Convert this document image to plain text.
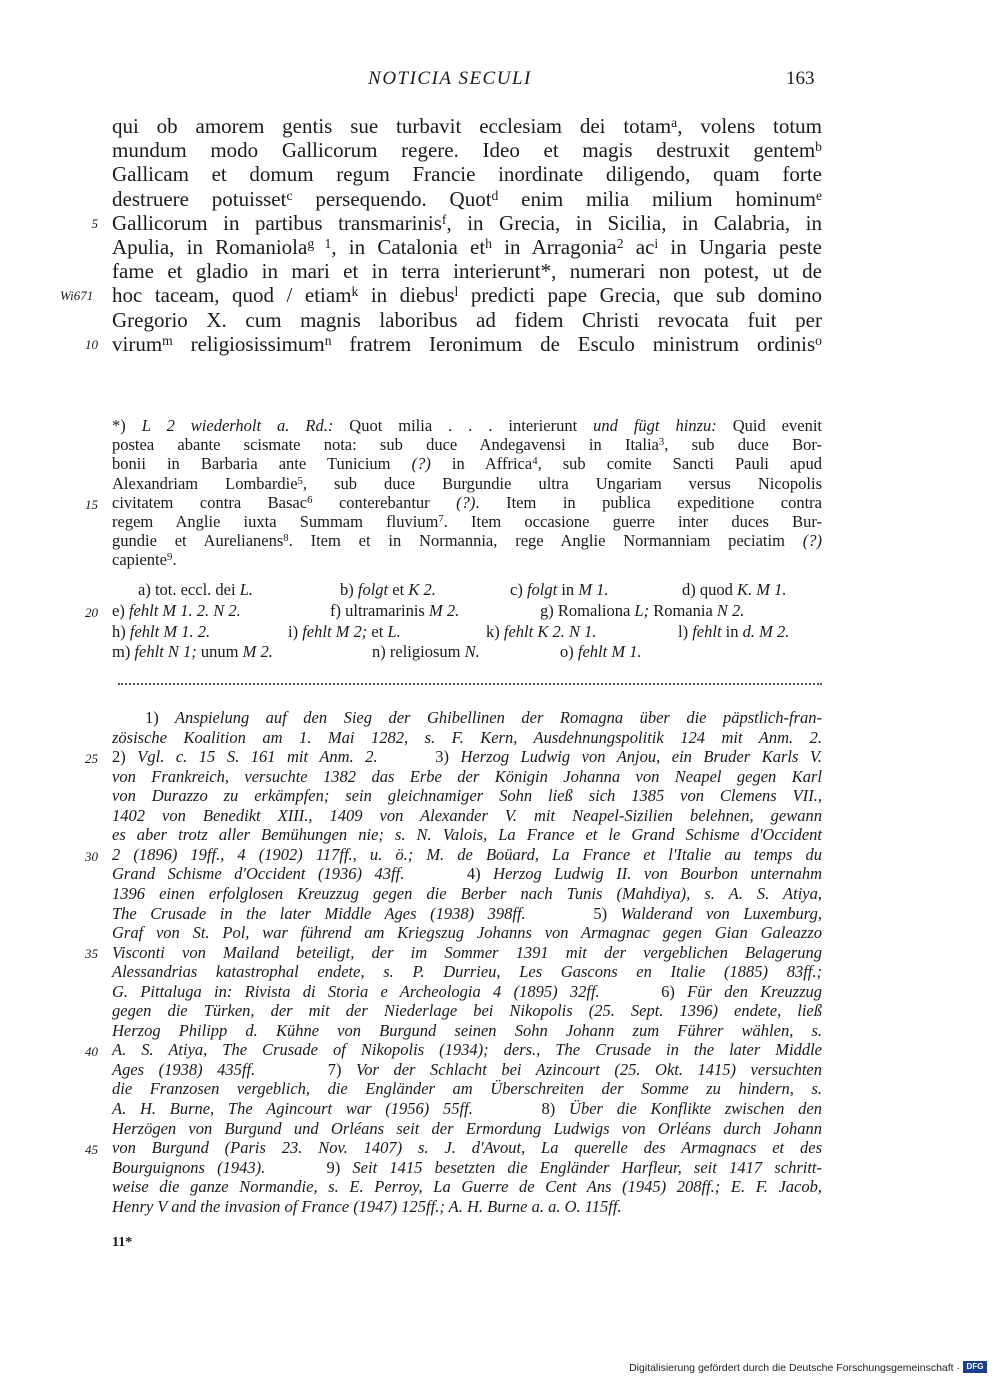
NOTICIA SECULI	163
qui ob amorem gentis sue turbavit ecclesiam dei totam$^a$, volens totum
mundum modo Gallicorum regere. Ideo et magis destruxit gentem$^b$
Gallicam et domum regum Francie inordinate diligendo, quam forte
destruere potuisset$^c$ persequendo. Quot$^d$ enim milia milium hominum$^e$
Gallicorum in partibus transmarinis$^f$, in Grecia, in Sicilia, in Calabria, in
Apulia, in Romaniola$^{g 1}$, in Catalonia $et^h$ in Arragonia$^2$ $ac^i$ in Ungaria peste
fame et gladio in mari et in terra interierunt*, numerari non potest, ut de
hoc taceam, quod / etiam$^k$ in diebus$^l$ predicti pape Grecia, que sub domino
Gregorio X. cum magnis laboribus ad fidem Christi revocata fuit per
virum$^m$ religiosissimum$^n$ fratrem Ieronimum de Esculo ministrum ordinis$^o$
*) L 2 wiederholt a. Rd.: Quot milia . . . interierunt und fügt hinzu: Quid evenit
postea abante scismate nota: sub duce Andegavensi in Italia$^3$, sub duce Bor-
bonii in Barbaria ante Tunicium (?) in Affrica$^4$, sub comite Sancti Pauli apud
Alexandriam Lombardie$^5$, sub duce Burgundie ultra Ungariam versus Nicopolis
civitatem contra Basac$^6$ conterebantur (?). Item in publica expeditione contra
regem Anglie iuxta Summam fluvium$^7$. Item occasione guerre inter duces Bur-
gundie et Aurelianens$^8$. Item et in Normannia, rege Anglie Normanniam peciatim (?)
capiente$^9$.
a) tot. eccl. dei L.	b) folgt et K 2.	c) folgt in M 1.	d) quod K. M 1.
e) fehlt M 1. 2. N 2.	f) ultramarinis M 2.	g) Romaliona L; Romania N 2.
h) fehlt M 1. 2.	i) fehlt M 2; et L.	k) fehlt K 2. N 1.	l) fehlt in d. M 2.
m) fehlt N 1; unum M 2.	n) religiosum N.	o) fehlt M 1.
1) Anspielung auf den Sieg der Ghibellinen der Romagna über die päpstlich-fran-
zösische Koalition am 1. Mai 1282, s. F. Kern, Ausdehnungspolitik 124 mit Anm. 2.
2) Vgl. c. 15 S. 161 mit Anm. 2.     3) Herzog Ludwig von Anjou, ein Bruder Karls V.
von Frankreich, versuchte 1382 das Erbe der Königin Johanna von Neapel gegen Karl
von Durazzo zu erkämpfen; sein gleichnamiger Sohn ließ sich 1385 von Clemens VII.,
1402 von Benedikt XIII., 1409 von Alexander V. mit Neapel-Sizilien belehnen, gewann
es aber trotz aller Bemühungen nie; s. N. Valois, La France et le Grand Schisme d'Occident
2 (1896) 19ff., 4 (1902) 117ff., u. ö.; M. de Boüard, La France et l'Italie au temps du
Grand Schisme d'Occident (1936) 43ff.     4) Herzog Ludwig II. von Bourbon unternahm
1396 einen erfolglosen Kreuzzug gegen die Berber nach Tunis (Mahdiya), s. A. S. Atiya,
The Crusade in the later Middle Ages (1938) 398ff.     5) Walderand von Luxemburg,
Graf von St. Pol, war führend am Kriegszug Johanns von Armagnac gegen Gian Galeazzo
Visconti von Mailand beteiligt, der im Sommer 1391 mit der vergeblichen Belagerung
Alessandrias katastrophal endete, s. P. Durrieu, Les Gascons en Italie (1885) 83ff.;
G. Pittaluga in: Rivista di Storia e Archeologia 4 (1895) 32ff.     6) Für den Kreuzzug
gegen die Türken, der mit der Niederlage bei Nikopolis (25. Sept. 1396) endete, ließ
Herzog Philipp d. Kühne von Burgund seinen Sohn Johann zum Führer wählen, s.
A. S. Atiya, The Crusade of Nikopolis (1934); ders., The Crusade in the later Middle
Ages (1938) 435ff.     7) Vor der Schlacht bei Azincourt (25. Okt. 1415) versuchten
die Franzosen vergeblich, die Engländer am Überschreiten der Somme zu hindern, s.
A. H. Burne, The Agincourt war (1956) 55ff.     8) Über die Konflikte zwischen den
Herzögen von Burgund und Orléans seit der Ermordung Ludwigs von Orléans durch Johann
von Burgund (Paris 23. Nov. 1407) s. J. d'Avout, La querelle des Armagnacs et des
Bourguignons (1943).     9) Seit 1415 besetzten die Engländer Harfleur, seit 1417 schritt-
weise die ganze Normandie, s. E. Perroy, La Guerre de Cent Ans (1945) 208ff.; E. F. Jacob,
Henry V and the invasion of France (1947) 125ff.; A. H. Burne a. a. O. 115ff.
11*
Digitalisierung gefördert durch die Deutsche Forschungsgemeinschaft · DFG
5
Wi671
10
15
20
25
30
35
40
45
